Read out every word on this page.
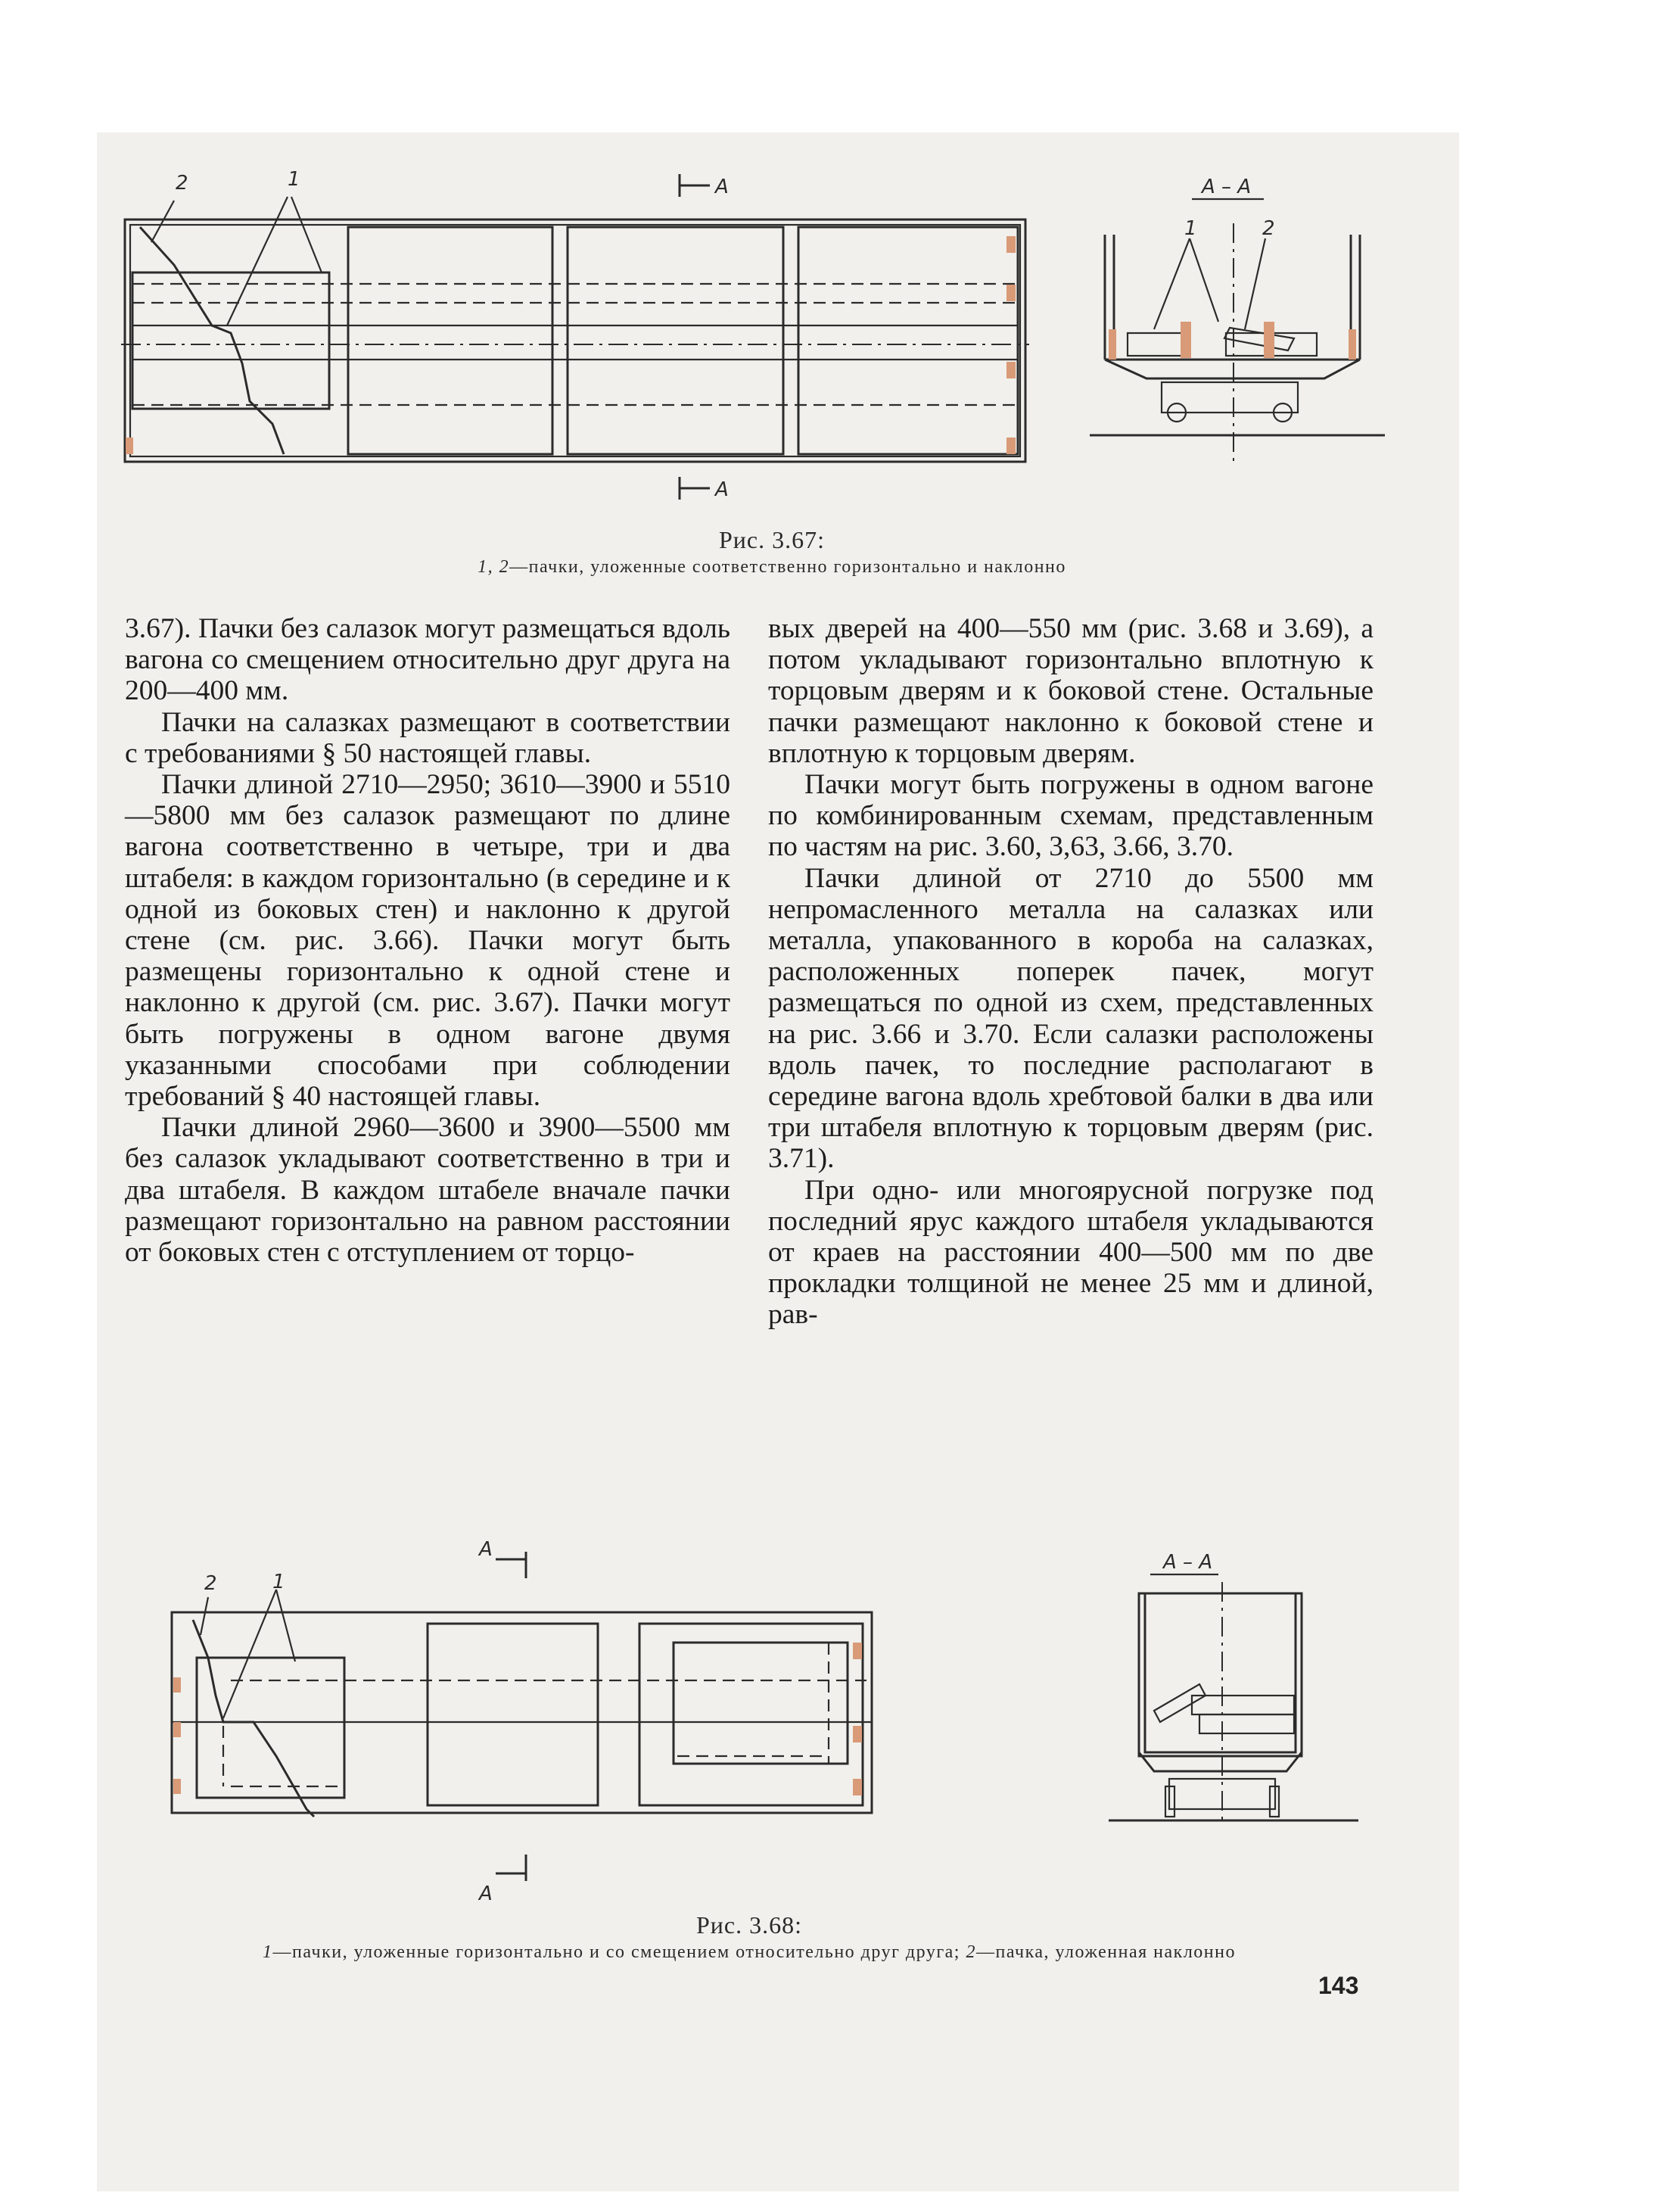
2	1	A
A
А – А
1	2
Рис. 3.67:
1, 2—пачки, уложенные соответственно горизонтально и наклонно

3.67). Пачки без салазок могут размещаться вдоль вагона со смещением относительно друг друга на 200—400 мм.

Пачки на салазках размещают в соответствии с требованиями § 50 настоящей главы.

Пачки длиной 2710—2950; 3610—3900 и 5510—5800 мм без салазок размещают по длине вагона соответственно в четыре, три и два штабеля: в каждом горизонтально (в середине и к одной из боковых стен) и наклонно к другой стене (см. рис. 3.66). Пачки могут быть размещены горизонтально к одной стене и наклонно к другой (см. рис. 3.67). Пачки могут быть погружены в одном вагоне двумя указанными способами при соблюдении требований § 40 настоящей главы.

Пачки длиной 2960—3600 и 3900—5500 мм без салазок укладывают соответственно в три и два штабеля. В каждом штабеле вначале пачки размещают горизонтально на равном расстоянии от боковых стен с отступлением от торцо-

вых дверей на 400—550 мм (рис. 3.68 и 3.69), а потом укладывают горизонтально вплотную к торцовым дверям и к боковой стене. Остальные пачки размещают наклонно к боковой стене и вплотную к торцовым дверям.

Пачки могут быть погружены в одном вагоне по комбинированным схемам, представленным по частям на рис. 3.60, 3,63, 3.66, 3.70.

Пачки длиной от 2710 до 5500 мм непромасленного металла на салазках или металла, упакованного в короба на салазках, расположенных поперек пачек, могут размещаться по одной из схем, представленных на рис. 3.66 и 3.70. Если салазки расположены вдоль пачек, то последние располагают в середине вагона вдоль хребтовой балки в два или три штабеля вплотную к торцовым дверям (рис. 3.71).

При одно- или многоярусной погрузке под последний ярус каждого штабеля укладываются от краев на расстоянии 400—500 мм по две прокладки толщиной не менее 25 мм и длиной, рав-

2	1
A
A
А – А
Рис. 3.68:
1—пачки, уложенные горизонтально и со смещением относительно друг друга; 2—пачка, уложенная наклонно
143
